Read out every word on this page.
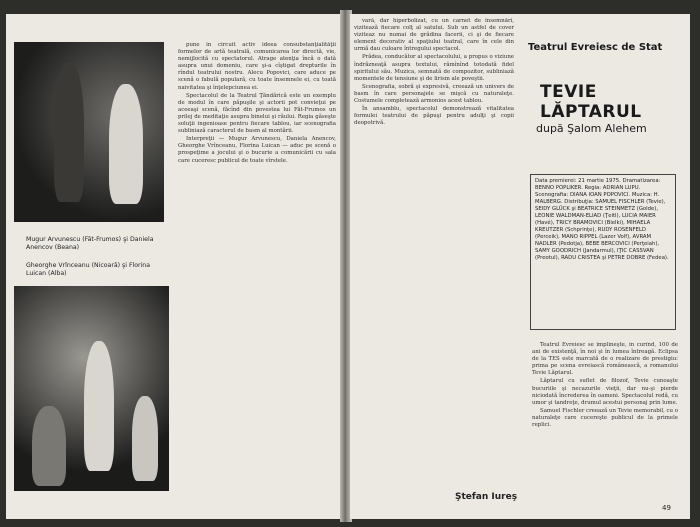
Mugur Arvunescu (Făt-Frumos) şi Daniela Anencov (Beana)
Gheorghe Vrînceanu (Nicoară) şi Florina Luican (Alba)

pune în circuit activ ideea consubstanţialităţii formelor de artă teatrală, comunicarea lor directă, vie, nemijlocită cu spectatorul. Atrage atenţia încă o dată asupra unui domeniu, care şi-a cîştigat drepturile în rîndul teatrului nostru. Alecu Popovici, care aduce pe scenă o fabulă populară, cu toate însemnele ei, cu toată naivitatea şi înţelepciunea ei.

Spectacolul de la Teatrul Ţăndărică este un exemplu de modul în care păpuşile şi actorii pot convieţui pe aceeaşi scenă, făcînd din povestea lui Făt-Frumos un prilej de meditaţie asupra binelui şi răului. Regia găseşte soluţii ingenioase pentru fiecare tablou, iar scenografia subliniază caracterul de basm al montării.

Interpreţii — Mugur Arvunescu, Daniela Anencov, Gheorghe Vrînceanu, Florina Luican — aduc pe scenă o prospeţime a jocului şi o bucurie a comunicării cu sala care cuceresc publicul de toate vîrstele.

vară, dar hiperbolizat, cu un carnet de însemnări, vizitează fiecare colţ al satului. Sub un astfel de cover viziteaz nu numai de grădina facerii, ci şi de fiecare element decorativ al spaţiului teatral, care în cele din urmă dau culoare întregului spectacol.

Prădea, conducător al spectacolului, a propus o viziune îndrăzneaţă asupra textului, rămînînd totodată fidel spiritului său. Muzica, semnată de compozitor, subliniază momentele de tensiune şi de lirism ale poveştii.

Scenografia, sobră şi expresivă, creează un univers de basm în care personajele se mişcă cu naturaleţe. Costumele completează armonios acest tablou.

În ansamblu, spectacolul demonstrează vitalitatea formulei teatrului de păpuşi pentru adulţi şi copii deopotrivă.

Ştefan Iureş
Teatrul Evreiesc de Stat
TEVIE LĂPTARUL
după Şalom Alehem

Data premierei: 21 martie 1975. Dramatizarea: BENNO POPLIKER. Regia: ADRIAN LUPU. Scenografia: DIANA IOAN POPOVICI. Muzica: H. MALBERG. Distribuţia: SAMUEL FISCHLER (Tevie), SEIDY GLÜCK şi BEATRICE STEINMETZ (Golde), LEONIE WALDMAN-ELIAD (Ţeitl), LUCIA MAIER (Havé), TRICY BRAMOVICI (Bielki), MIHAELA KREUTZER (Schprinţe), RUDY ROSENFELD (Perceik), MANO RIPPEL (Lazer Volf), AVRAM NADLER (Pedotja), BEBE BERCOVICI (Perţeiah), SAMY GOODRICH (Jandarmul), IŢIC CASSVAN (Preotul), RADU CRISTEA şi PETRE DOBRE (Fedea).

Teatrul Evreiesc se împlineşte, în curînd, 100 de ani de existenţă, în noi şi în lumea întreagă. Eclipsa de la TES este marcată de o realizare de prestigiu: prima pe scena evreiască românească, a romanului Tevie Lăptarul.

Lăptarul cu suflet de filozof, Tevie cunoaşte bucuriile şi necazurile vieţii, dar nu-şi pierde niciodată încrederea în oameni. Spectacolul redă, cu umor şi tandreţe, drumul acestui personaj prin lume.

Samuel Fischler creează un Tevie memorabil, cu o naturaleţe care cucereşte publicul de la primele replici.

49
